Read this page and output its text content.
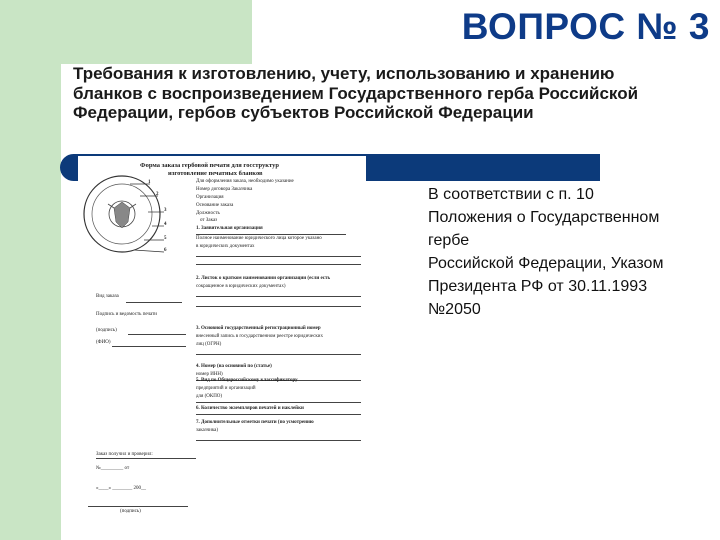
ВОПРОС № 3

Требования к изготовлению, учету, использованию и хранению бланков с воспроизведением Государственного герба Российской Федерации, гербов субъектов Российской Федерации

Форма заказа гербовой печати для госструктур
изготовление печатных бланков
1
2
3
4
5
6
Для оформления заказа, необходимо указание
Номер договора Заказчика
Организация
Основание заказа
Должность
от Заказ
1. Заявительная организация
Полное наименование юридического лица которое указано
в юридических документах
2. Листок о кратком наименовании организации (если есть
сокращенное в юридических документах)
Вид заказа
Подпись и ведомость печати
(подпись)
(ФИО)
3. Основной государственный регистрационный номер
внесенный запись в государственном реестре юридических
лиц (ОГРН)
4. Номер (на основной по (статье)
номер ИНН)
5. Вид по Общероссийскому классификатору
предприятий и организаций
для (ОКПО)
6. Количество экземпляров печатей и наклейки
7. Дополнительные отметки печати (по усмотрению
заказчика)
Заказ получил и проверил:
№_________ от
«____» ________ 200__
(подпись)
В соответствии с п. 10
Положения о Государственном
гербе
Российской Федерации, Указом
Президента РФ от 30.11.1993
№2050
